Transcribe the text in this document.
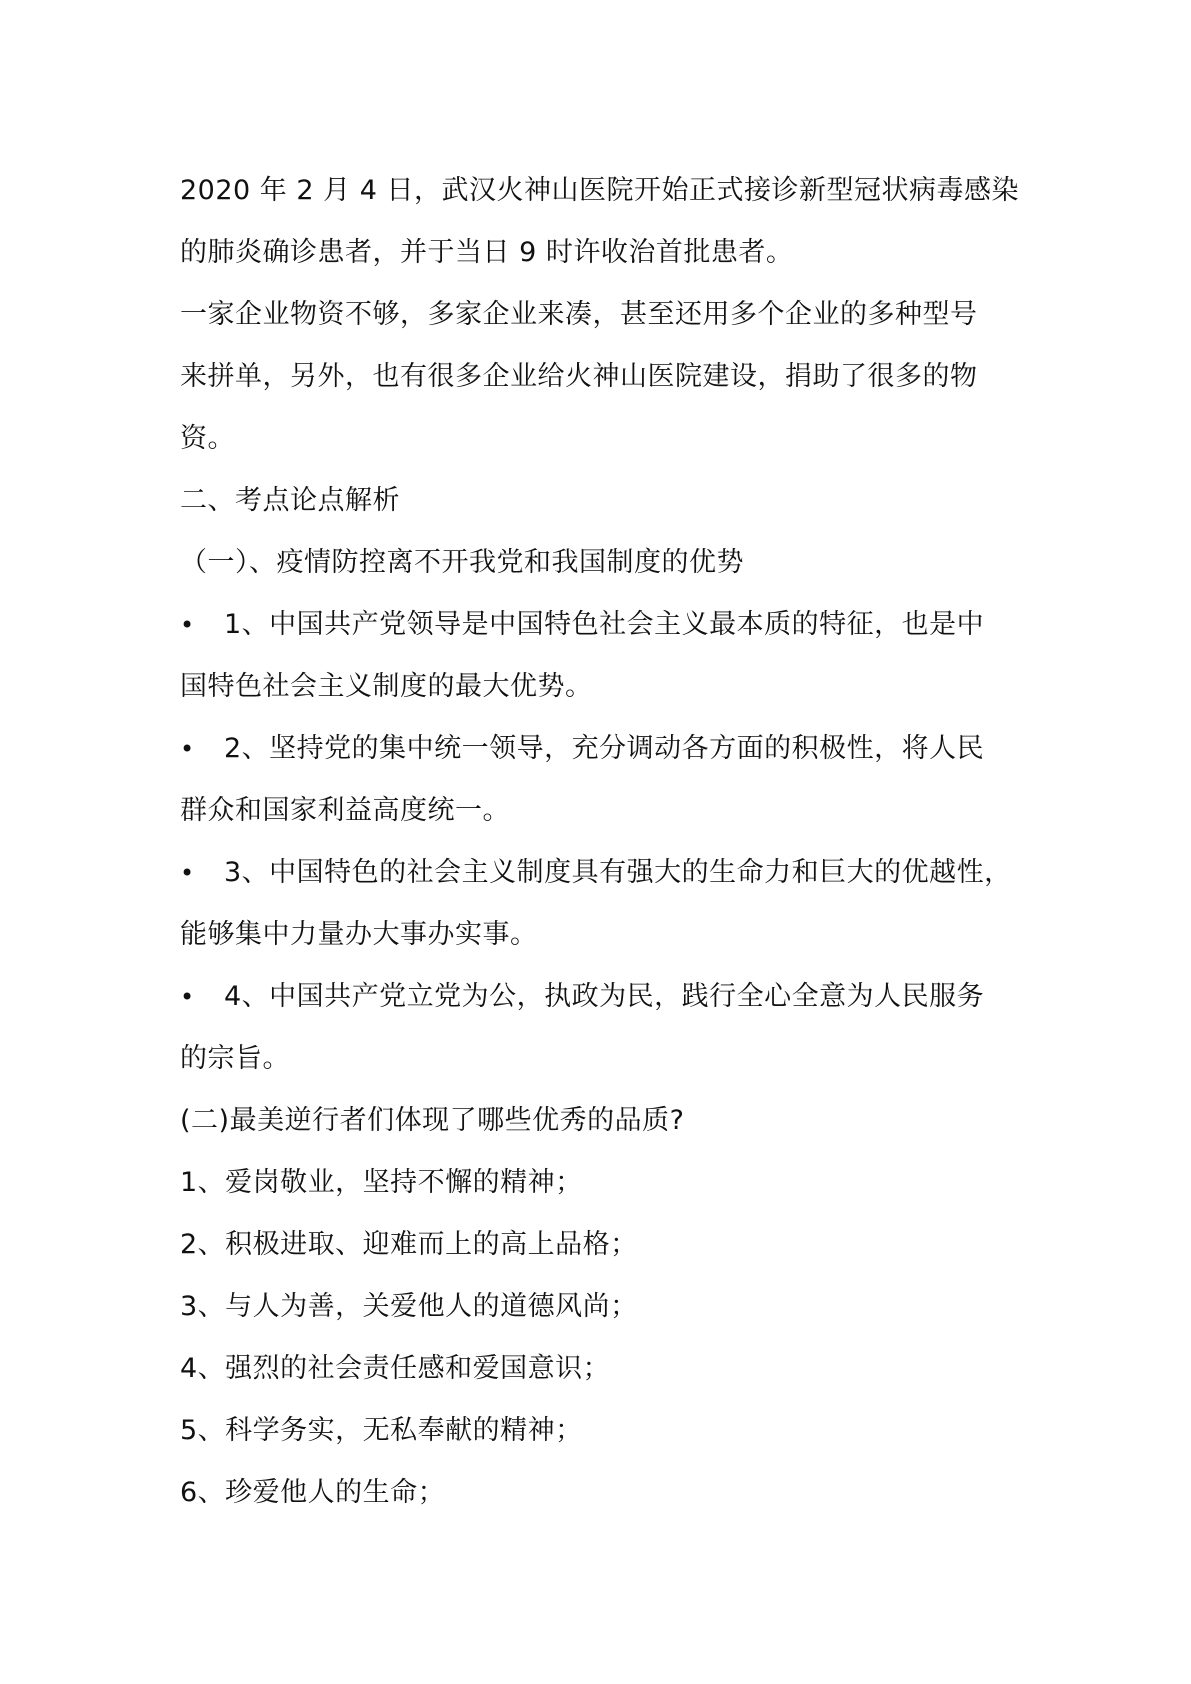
2020 年 2 月 4 日，武汉火神山医院开始正式接诊新型冠状病毒感染
的肺炎确诊患者，并于当日 9 时许收治首批患者。
一家企业物资不够，多家企业来凑，甚至还用多个企业的多种型号
来拼单，另外，也有很多企业给火神山医院建设，捐助了很多的物
资。
二、考点论点解析
（一）、疫情防控离不开我党和我国制度的优势
• 1、中国共产党领导是中国特色社会主义最本质的特征，也是中
国特色社会主义制度的最大优势。
• 2、坚持党的集中统一领导，充分调动各方面的积极性，将人民
群众和国家利益高度统一。
• 3、中国特色的社会主义制度具有强大的生命力和巨大的优越性，
能够集中力量办大事办实事。
• 4、中国共产党立党为公，执政为民，践行全心全意为人民服务
的宗旨。
(二)最美逆行者们体现了哪些优秀的品质?
1、爱岗敬业，坚持不懈的精神；
2、积极进取、迎难而上的高上品格；
3、与人为善，关爱他人的道德风尚；
4、强烈的社会责任感和爱国意识；
5、科学务实，无私奉献的精神；
6、珍爱他人的生命；
